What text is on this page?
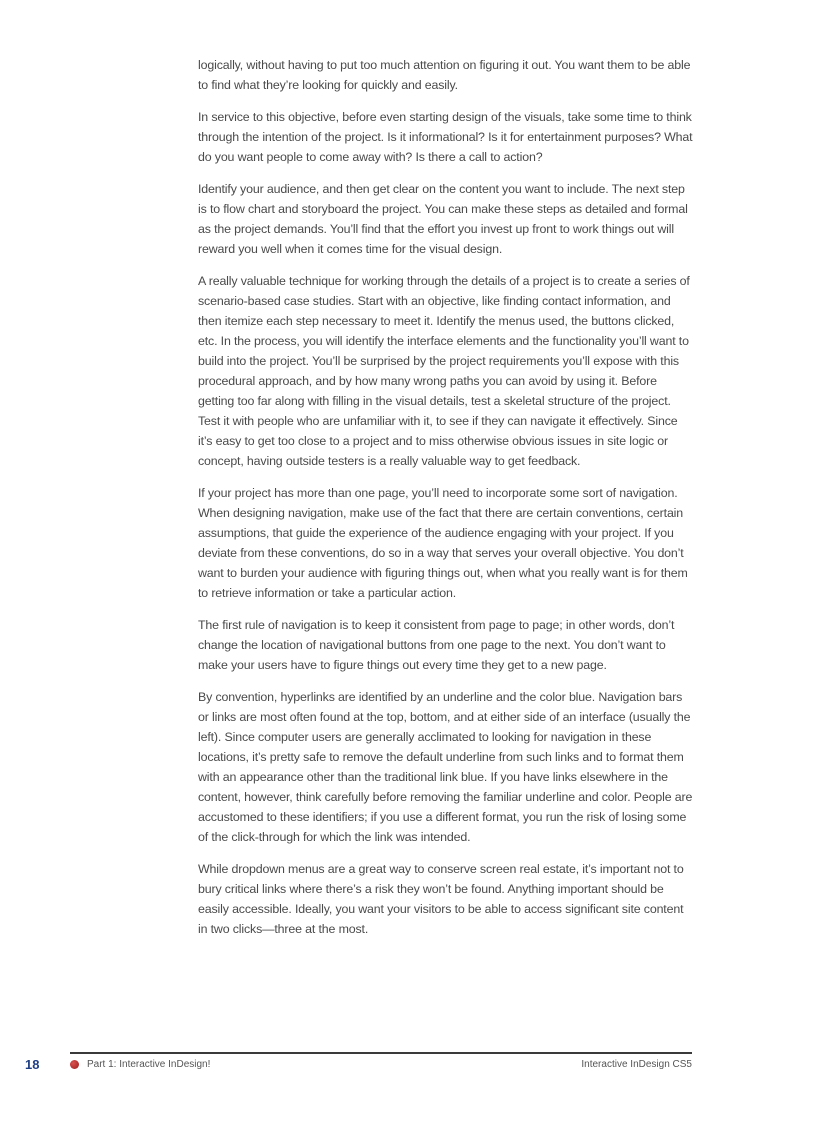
logically, without having to put too much attention on figuring it out. You want them to be able to find what they’re looking for quickly and easily.

In service to this objective, before even starting design of the visuals, take some time to think through the intention of the project. Is it informational? Is it for entertainment purposes? What do you want people to come away with? Is there a call to action?

Identify your audience, and then get clear on the content you want to include. The next step is to flow chart and storyboard the project. You can make these steps as detailed and formal as the project demands. You’ll find that the effort you invest up front to work things out will reward you well when it comes time for the visual design.

A really valuable technique for working through the details of a project is to create a series of scenario-based case studies. Start with an objective, like finding contact information, and then itemize each step necessary to meet it. Identify the menus used, the buttons clicked, etc. In the process, you will identify the interface elements and the functionality you’ll want to build into the project. You’ll be surprised by the project requirements you’ll expose with this procedural approach, and by how many wrong paths you can avoid by using it. Before getting too far along with filling in the visual details, test a skeletal structure of the project. Test it with people who are unfamiliar with it, to see if they can navigate it effectively. Since it’s easy to get too close to a project and to miss otherwise obvious issues in site logic or concept, having outside testers is a really valuable way to get feedback.

If your project has more than one page, you’ll need to incorporate some sort of navigation. When designing navigation, make use of the fact that there are certain conventions, certain assumptions, that guide the experience of the audience engaging with your project. If you deviate from these conventions, do so in a way that serves your overall objective. You don’t want to burden your audience with figuring things out, when what you really want is for them to retrieve information or take a particular action.

The first rule of navigation is to keep it consistent from page to page; in other words, don’t change the location of navigational buttons from one page to the next. You don’t want to make your users have to figure things out every time they get to a new page.

By convention, hyperlinks are identified by an underline and the color blue. Navigation bars or links are most often found at the top, bottom, and at either side of an interface (usually the left). Since computer users are generally acclimated to looking for navigation in these locations, it’s pretty safe to remove the default underline from such links and to format them with an appearance other than the traditional link blue. If you have links elsewhere in the content, however, think carefully before removing the familiar underline and color. People are accustomed to these identifiers; if you use a different format, you run the risk of losing some of the click-through for which the link was intended.

While dropdown menus are a great way to conserve screen real estate, it’s important not to bury critical links where there’s a risk they won’t be found. Anything important should be easily accessible. Ideally, you want your visitors to be able to access significant site content in two clicks—three at the most.

18	Part 1: Interactive InDesign!	Interactive InDesign CS5
